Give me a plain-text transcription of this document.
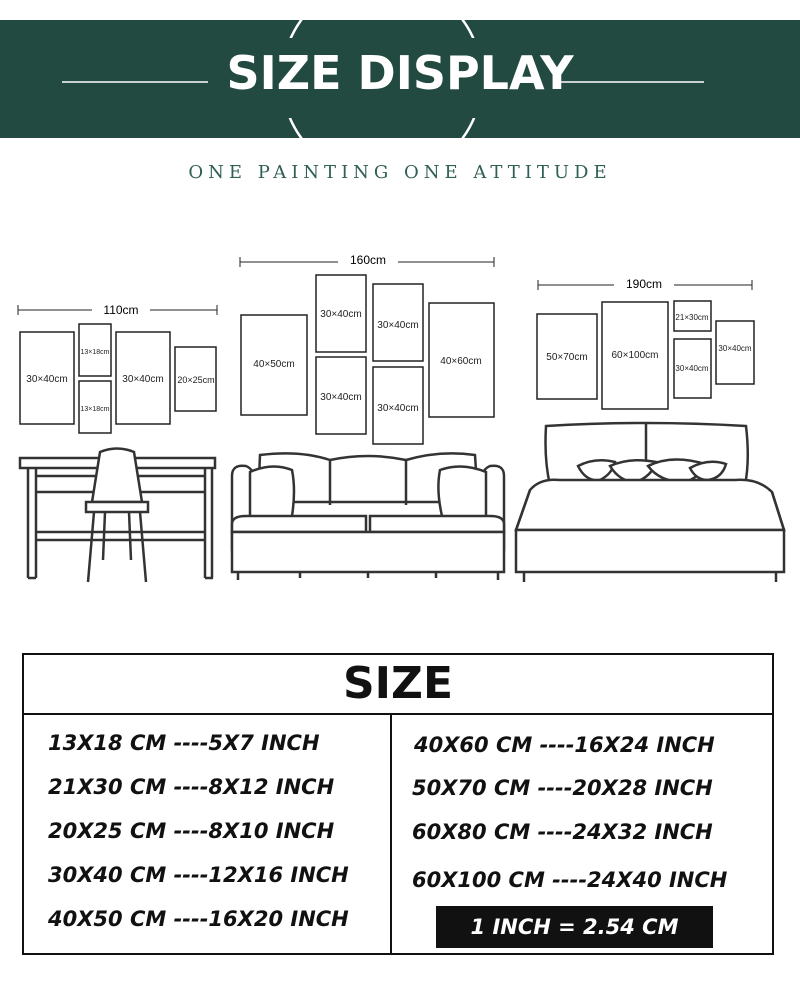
SIZE DISPLAY
ONE PAINTING ONE ATTITUDE
110cm
30×40cm
13×18cm
13×18cm
30×40cm 20×25cm
160cm
40×50cm
30×40cm
30×40cm
30×40cm
30×40cm
40×60cm
190cm
50×70cm 60×100cm
21×30cm
30×40cm
30×40cm
SIZE
13X18 CM ----5X7 INCH
21X30 CM ----8X12 INCH
20X25 CM ----8X10 INCH
30X40 CM ----12X16 INCH
40X50 CM ----16X20 INCH
40X60 CM ----16X24 INCH
50X70 CM ----20X28 INCH
60X80 CM ----24X32 INCH
60X100 CM ----24X40 INCH
1 INCH = 2.54 CM
